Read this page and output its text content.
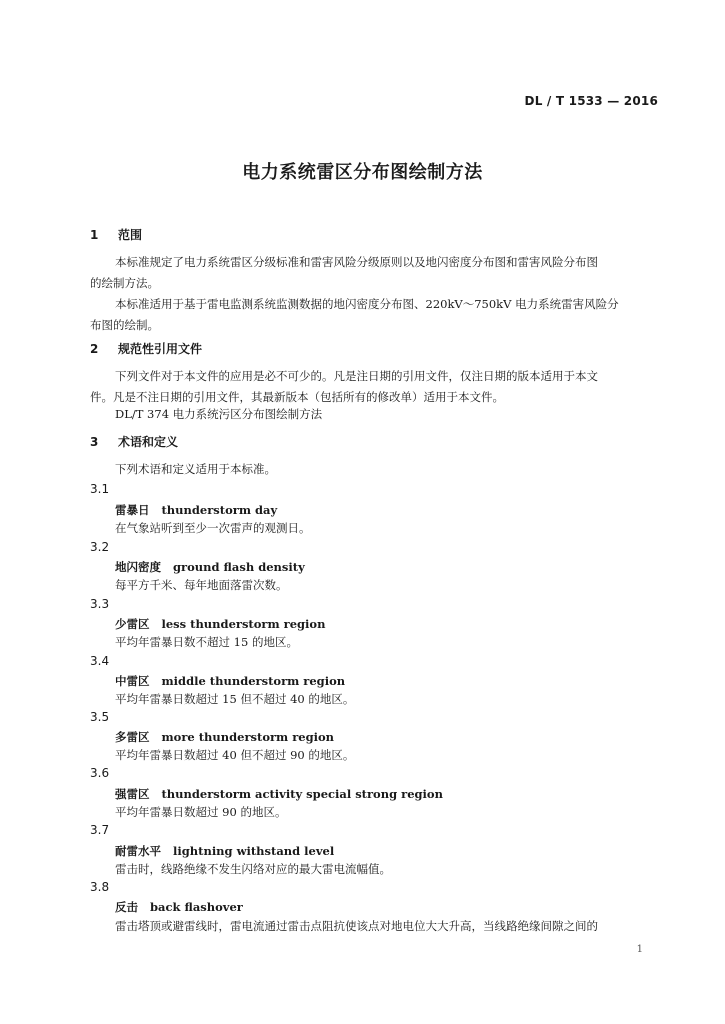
DL / T 1533 — 2016
电力系统雷区分布图绘制方法
1 范围
本标准规定了电力系统雷区分级标准和雷害风险分级原则以及地闪密度分布图和雷害风险分布图
的绘制方法。
本标准适用于基于雷电监测系统监测数据的地闪密度分布图、220kV～750kV 电力系统雷害风险分
布图的绘制。
2 规范性引用文件
下列文件对于本文件的应用是必不可少的。凡是注日期的引用文件，仅注日期的版本适用于本文
件。凡是不注日期的引用文件，其最新版本（包括所有的修改单）适用于本文件。
DL/T 374 电力系统污区分布图绘制方法
3 术语和定义
下列术语和定义适用于本标准。
3.1
雷暴日 thunderstorm day
在气象站听到至少一次雷声的观测日。
3.2
地闪密度 ground flash density
每平方千米、每年地面落雷次数。
3.3
少雷区 less thunderstorm region
平均年雷暴日数不超过 15 的地区。
3.4
中雷区 middle thunderstorm region
平均年雷暴日数超过 15 但不超过 40 的地区。
3.5
多雷区 more thunderstorm region
平均年雷暴日数超过 40 但不超过 90 的地区。
3.6
强雷区 thunderstorm activity special strong region
平均年雷暴日数超过 90 的地区。
3.7
耐雷水平 lightning withstand level
雷击时，线路绝缘不发生闪络对应的最大雷电流幅值。
3.8
反击 back flashover
雷击塔顶或避雷线时，雷电流通过雷击点阻抗使该点对地电位大大升高，当线路绝缘间隙之间的
1
